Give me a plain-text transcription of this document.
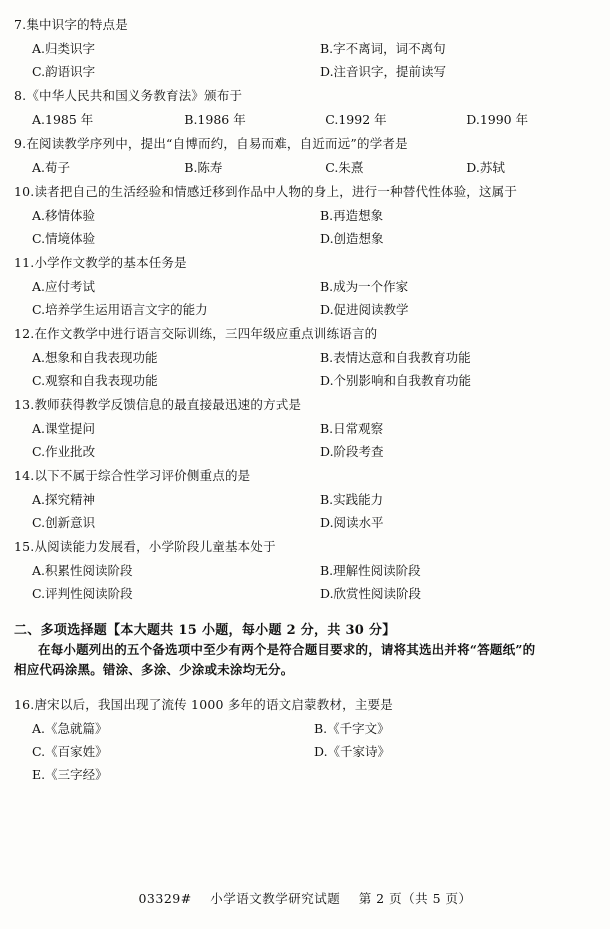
7.集中识字的特点是
A.归类识字	B.字不离词，词不离句
C.韵语识字	D.注音识字，提前读写
8.《中华人民共和国义务教育法》颁布于
A.1985 年	B.1986 年	C.1992 年	D.1990 年
9.在阅读教学序列中，提出“自博而约，自易而难，自近而远”的学者是
A.荀子	B.陈寿	C.朱熹	D.苏轼
10.读者把自己的生活经验和情感迁移到作品中人物的身上，进行一种替代性体验，这属于
A.移情体验	B.再造想象
C.情境体验	D.创造想象
11.小学作文教学的基本任务是
A.应付考试	B.成为一个作家
C.培养学生运用语言文字的能力	D.促进阅读教学
12.在作文教学中进行语言交际训练，三四年级应重点训练语言的
A.想象和自我表现功能	B.表情达意和自我教育功能
C.观察和自我表现功能	D.个别影响和自我教育功能
13.教师获得教学反馈信息的最直接最迅速的方式是
A.课堂提问	B.日常观察
C.作业批改	D.阶段考查
14.以下不属于综合性学习评价侧重点的是
A.探究精神	B.实践能力
C.创新意识	D.阅读水平
15.从阅读能力发展看，小学阶段儿童基本处于
A.积累性阅读阶段	B.理解性阅读阶段
C.评判性阅读阶段	D.欣赏性阅读阶段
二、多项选择题【本大题共 15 小题，每小题 2 分，共 30 分】
在每小题列出的五个备选项中至少有两个是符合题目要求的，请将其选出并将“答题纸”的
相应代码涂黑。错涂、多涂、少涂或未涂均无分。
16.唐宋以后，我国出现了流传 1000 多年的语文启蒙教材，主要是
A.《急就篇》	B.《千字文》
C.《百家姓》	D.《千家诗》
E.《三字经》
03329# 小学语文教学研究试题 第 2 页（共 5 页）
